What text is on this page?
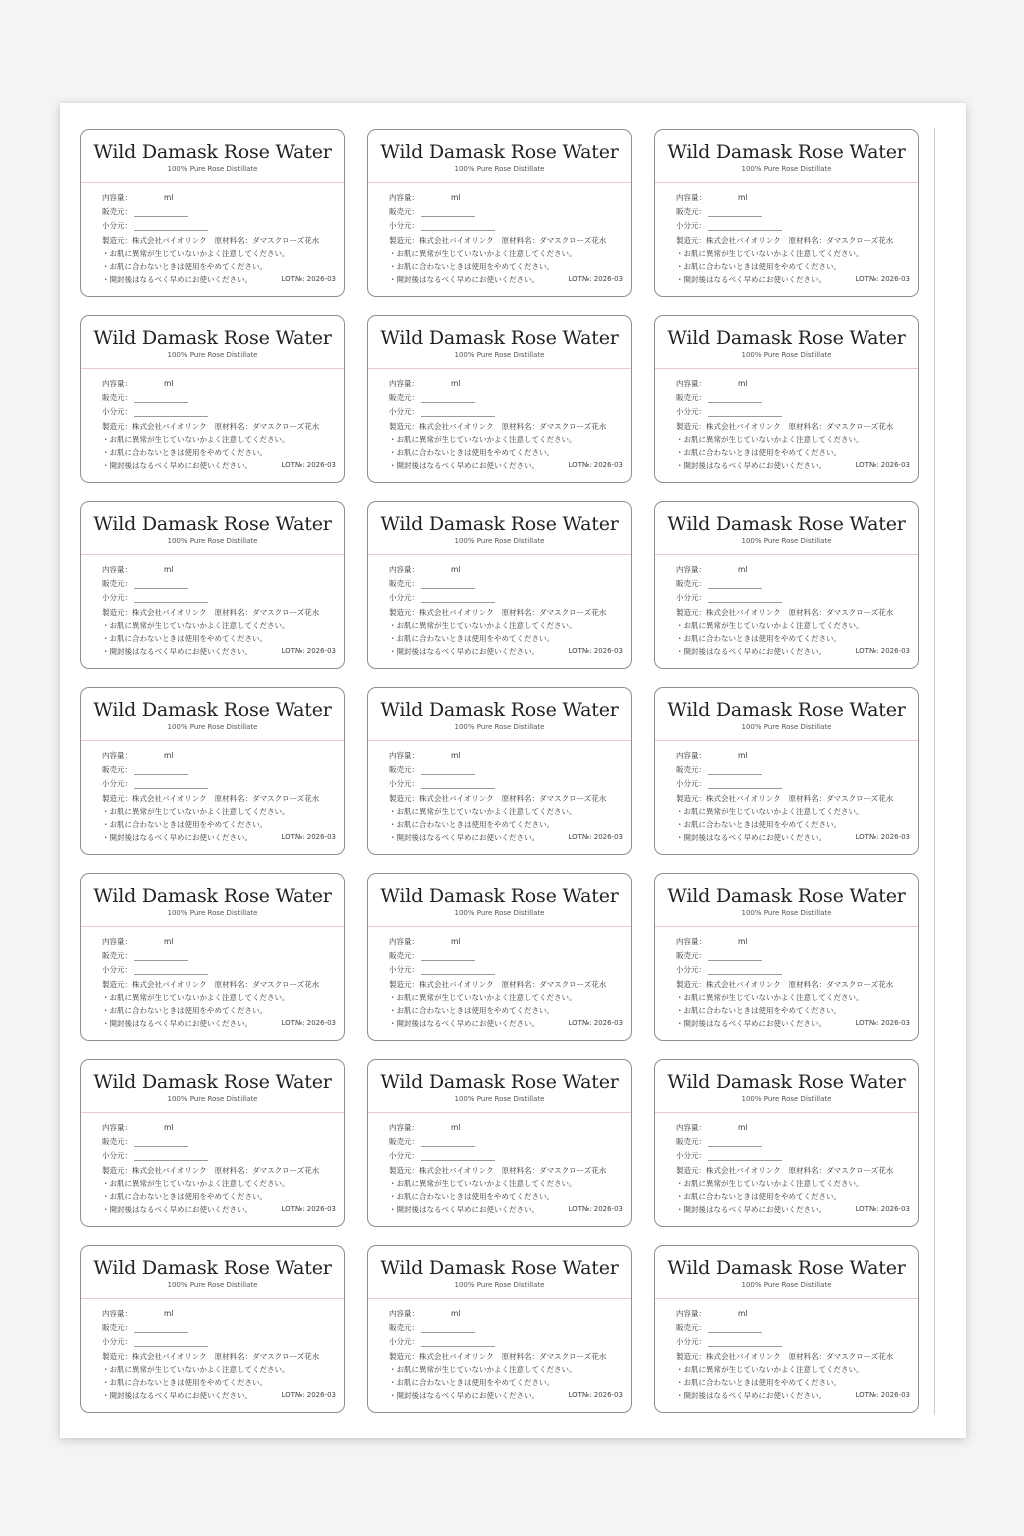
Wild Damask Rose Water
100% Pure Rose Distillate
内容量：	ml
販売元：
小分元：
製造元：株式会社バイオリンク 原材料名：ダマスクローズ花水
・お肌に異常が生じていないかよく注意してください。
・お肌に合わないときは使用をやめてください。
・開封後はなるべく早めにお使いください。	LOT№: 2026-03
Wild Damask Rose Water
100% Pure Rose Distillate
内容量：	ml
販売元：
小分元：
製造元：株式会社バイオリンク 原材料名：ダマスクローズ花水
・お肌に異常が生じていないかよく注意してください。
・お肌に合わないときは使用をやめてください。
・開封後はなるべく早めにお使いください。	LOT№: 2026-03
Wild Damask Rose Water
100% Pure Rose Distillate
内容量：	ml
販売元：
小分元：
製造元：株式会社バイオリンク 原材料名：ダマスクローズ花水
・お肌に異常が生じていないかよく注意してください。
・お肌に合わないときは使用をやめてください。
・開封後はなるべく早めにお使いください。	LOT№: 2026-03
Wild Damask Rose Water
100% Pure Rose Distillate
内容量：	ml
販売元：
小分元：
製造元：株式会社バイオリンク 原材料名：ダマスクローズ花水
・お肌に異常が生じていないかよく注意してください。
・お肌に合わないときは使用をやめてください。
・開封後はなるべく早めにお使いください。	LOT№: 2026-03
Wild Damask Rose Water
100% Pure Rose Distillate
内容量：	ml
販売元：
小分元：
製造元：株式会社バイオリンク 原材料名：ダマスクローズ花水
・お肌に異常が生じていないかよく注意してください。
・お肌に合わないときは使用をやめてください。
・開封後はなるべく早めにお使いください。	LOT№: 2026-03
Wild Damask Rose Water
100% Pure Rose Distillate
内容量：	ml
販売元：
小分元：
製造元：株式会社バイオリンク 原材料名：ダマスクローズ花水
・お肌に異常が生じていないかよく注意してください。
・お肌に合わないときは使用をやめてください。
・開封後はなるべく早めにお使いください。	LOT№: 2026-03
Wild Damask Rose Water
100% Pure Rose Distillate
内容量：	ml
販売元：
小分元：
製造元：株式会社バイオリンク 原材料名：ダマスクローズ花水
・お肌に異常が生じていないかよく注意してください。
・お肌に合わないときは使用をやめてください。
・開封後はなるべく早めにお使いください。	LOT№: 2026-03
Wild Damask Rose Water
100% Pure Rose Distillate
内容量：	ml
販売元：
小分元：
製造元：株式会社バイオリンク 原材料名：ダマスクローズ花水
・お肌に異常が生じていないかよく注意してください。
・お肌に合わないときは使用をやめてください。
・開封後はなるべく早めにお使いください。	LOT№: 2026-03
Wild Damask Rose Water
100% Pure Rose Distillate
内容量：	ml
販売元：
小分元：
製造元：株式会社バイオリンク 原材料名：ダマスクローズ花水
・お肌に異常が生じていないかよく注意してください。
・お肌に合わないときは使用をやめてください。
・開封後はなるべく早めにお使いください。	LOT№: 2026-03
Wild Damask Rose Water
100% Pure Rose Distillate
内容量：	ml
販売元：
小分元：
製造元：株式会社バイオリンク 原材料名：ダマスクローズ花水
・お肌に異常が生じていないかよく注意してください。
・お肌に合わないときは使用をやめてください。
・開封後はなるべく早めにお使いください。	LOT№: 2026-03
Wild Damask Rose Water
100% Pure Rose Distillate
内容量：	ml
販売元：
小分元：
製造元：株式会社バイオリンク 原材料名：ダマスクローズ花水
・お肌に異常が生じていないかよく注意してください。
・お肌に合わないときは使用をやめてください。
・開封後はなるべく早めにお使いください。	LOT№: 2026-03
Wild Damask Rose Water
100% Pure Rose Distillate
内容量：	ml
販売元：
小分元：
製造元：株式会社バイオリンク 原材料名：ダマスクローズ花水
・お肌に異常が生じていないかよく注意してください。
・お肌に合わないときは使用をやめてください。
・開封後はなるべく早めにお使いください。	LOT№: 2026-03
Wild Damask Rose Water
100% Pure Rose Distillate
内容量：	ml
販売元：
小分元：
製造元：株式会社バイオリンク 原材料名：ダマスクローズ花水
・お肌に異常が生じていないかよく注意してください。
・お肌に合わないときは使用をやめてください。
・開封後はなるべく早めにお使いください。	LOT№: 2026-03
Wild Damask Rose Water
100% Pure Rose Distillate
内容量：	ml
販売元：
小分元：
製造元：株式会社バイオリンク 原材料名：ダマスクローズ花水
・お肌に異常が生じていないかよく注意してください。
・お肌に合わないときは使用をやめてください。
・開封後はなるべく早めにお使いください。	LOT№: 2026-03
Wild Damask Rose Water
100% Pure Rose Distillate
内容量：	ml
販売元：
小分元：
製造元：株式会社バイオリンク 原材料名：ダマスクローズ花水
・お肌に異常が生じていないかよく注意してください。
・お肌に合わないときは使用をやめてください。
・開封後はなるべく早めにお使いください。	LOT№: 2026-03
Wild Damask Rose Water
100% Pure Rose Distillate
内容量：	ml
販売元：
小分元：
製造元：株式会社バイオリンク 原材料名：ダマスクローズ花水
・お肌に異常が生じていないかよく注意してください。
・お肌に合わないときは使用をやめてください。
・開封後はなるべく早めにお使いください。	LOT№: 2026-03
Wild Damask Rose Water
100% Pure Rose Distillate
内容量：	ml
販売元：
小分元：
製造元：株式会社バイオリンク 原材料名：ダマスクローズ花水
・お肌に異常が生じていないかよく注意してください。
・お肌に合わないときは使用をやめてください。
・開封後はなるべく早めにお使いください。	LOT№: 2026-03
Wild Damask Rose Water
100% Pure Rose Distillate
内容量：	ml
販売元：
小分元：
製造元：株式会社バイオリンク 原材料名：ダマスクローズ花水
・お肌に異常が生じていないかよく注意してください。
・お肌に合わないときは使用をやめてください。
・開封後はなるべく早めにお使いください。	LOT№: 2026-03
Wild Damask Rose Water
100% Pure Rose Distillate
内容量：	ml
販売元：
小分元：
製造元：株式会社バイオリンク 原材料名：ダマスクローズ花水
・お肌に異常が生じていないかよく注意してください。
・お肌に合わないときは使用をやめてください。
・開封後はなるべく早めにお使いください。	LOT№: 2026-03
Wild Damask Rose Water
100% Pure Rose Distillate
内容量：	ml
販売元：
小分元：
製造元：株式会社バイオリンク 原材料名：ダマスクローズ花水
・お肌に異常が生じていないかよく注意してください。
・お肌に合わないときは使用をやめてください。
・開封後はなるべく早めにお使いください。	LOT№: 2026-03
Wild Damask Rose Water
100% Pure Rose Distillate
内容量：	ml
販売元：
小分元：
製造元：株式会社バイオリンク 原材料名：ダマスクローズ花水
・お肌に異常が生じていないかよく注意してください。
・お肌に合わないときは使用をやめてください。
・開封後はなるべく早めにお使いください。	LOT№: 2026-03
